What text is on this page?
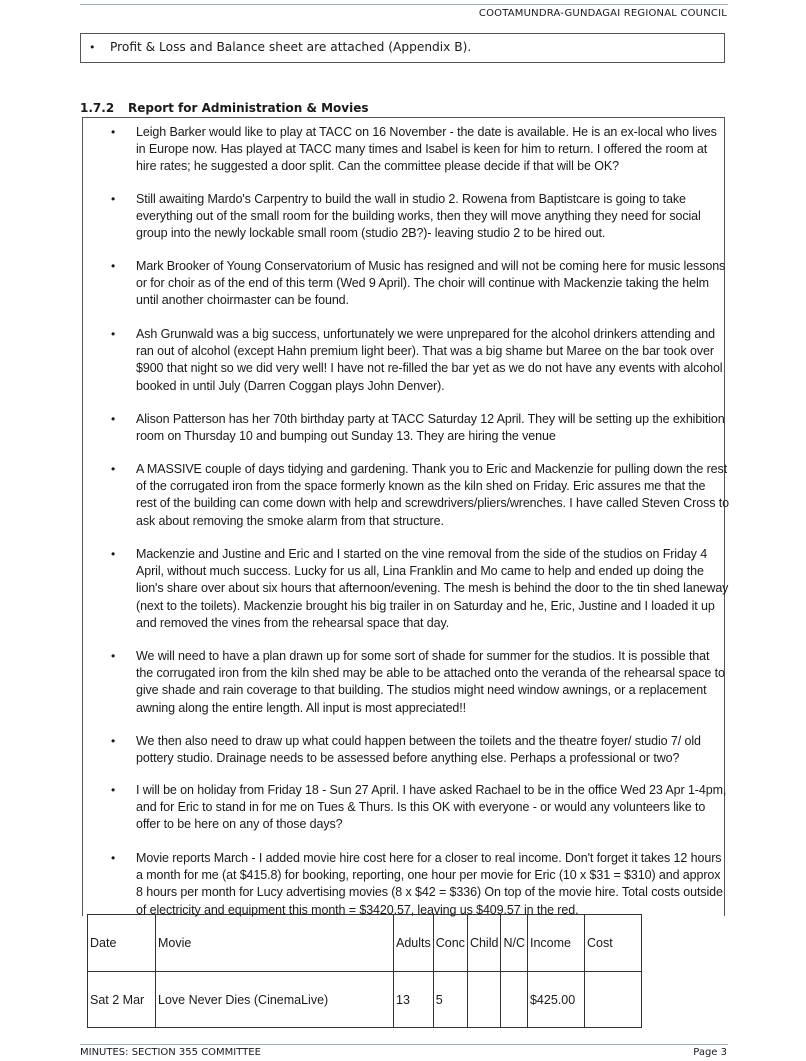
COOTAMUNDRA-GUNDAGAI REGIONAL COUNCIL
• Profit & Loss and Balance sheet are attached (Appendix B).
1.7.2 Report for Administration & Movies
• Leigh Barker would like to play at TACC on 16 November - the date is available. He is an ex-local who lives
in Europe now. Has played at TACC many times and Isabel is keen for him to return. I offered the room at
hire rates; he suggested a door split. Can the committee please decide if that will be OK?
• Still awaiting Mardo's Carpentry to build the wall in studio 2. Rowena from Baptistcare is going to take
everything out of the small room for the building works, then they will move anything they need for social
group into the newly lockable small room (studio 2B?)- leaving studio 2 to be hired out.
• Mark Brooker of Young Conservatorium of Music has resigned and will not be coming here for music lessons
or for choir as of the end of this term (Wed 9 April). The choir will continue with Mackenzie taking the helm
until another choirmaster can be found.
• Ash Grunwald was a big success, unfortunately we were unprepared for the alcohol drinkers attending and
ran out of alcohol (except Hahn premium light beer). That was a big shame but Maree on the bar took over
$900 that night so we did very well! I have not re-filled the bar yet as we do not have any events with alcohol
booked in until July (Darren Coggan plays John Denver).
• Alison Patterson has her 70th birthday party at TACC Saturday 12 April. They will be setting up the exhibition
room on Thursday 10 and bumping out Sunday 13. They are hiring the venue
• A MASSIVE couple of days tidying and gardening. Thank you to Eric and Mackenzie for pulling down the rest
of the corrugated iron from the space formerly known as the kiln shed on Friday. Eric assures me that the
rest of the building can come down with help and screwdrivers/pliers/wrenches. I have called Steven Cross to
ask about removing the smoke alarm from that structure.
• Mackenzie and Justine and Eric and I started on the vine removal from the side of the studios on Friday 4
April, without much success. Lucky for us all, Lina Franklin and Mo came to help and ended up doing the
lion's share over about six hours that afternoon/evening. The mesh is behind the door to the tin shed laneway
(next to the toilets). Mackenzie brought his big trailer in on Saturday and he, Eric, Justine and I loaded it up
and removed the vines from the rehearsal space that day.
• We will need to have a plan drawn up for some sort of shade for summer for the studios. It is possible that
the corrugated iron from the kiln shed may be able to be attached onto the veranda of the rehearsal space to
give shade and rain coverage to that building. The studios might need window awnings, or a replacement
awning along the entire length. All input is most appreciated!!
• We then also need to draw up what could happen between the toilets and the theatre foyer/ studio 7/ old
pottery studio. Drainage needs to be assessed before anything else. Perhaps a professional or two?
• I will be on holiday from Friday 18 - Sun 27 April. I have asked Rachael to be in the office Wed 23 Apr 1-4pm,
and for Eric to stand in for me on Tues & Thurs. Is this OK with everyone - or would any volunteers like to
offer to be here on any of those days?
• Movie reports March - I added movie hire cost here for a closer to real income. Don't forget it takes 12 hours
a month for me (at $415.8) for booking, reporting, one hour per movie for Eric (10 x $31 = $310) and approx
8 hours per month for Lucy advertising movies (8 x $42 = $336) On top of the movie hire. Total costs outside
of electricity and equipment this month = $3420.57, leaving us $409.57 in the red.
Date	Movie	Adults	Conc	Child	N/C	Income	Cost
Sat 2 Mar	Love Never Dies (CinemaLive)	13	5			$425.00	
MINUTES: SECTION 355 COMMITTEE	Page 3
